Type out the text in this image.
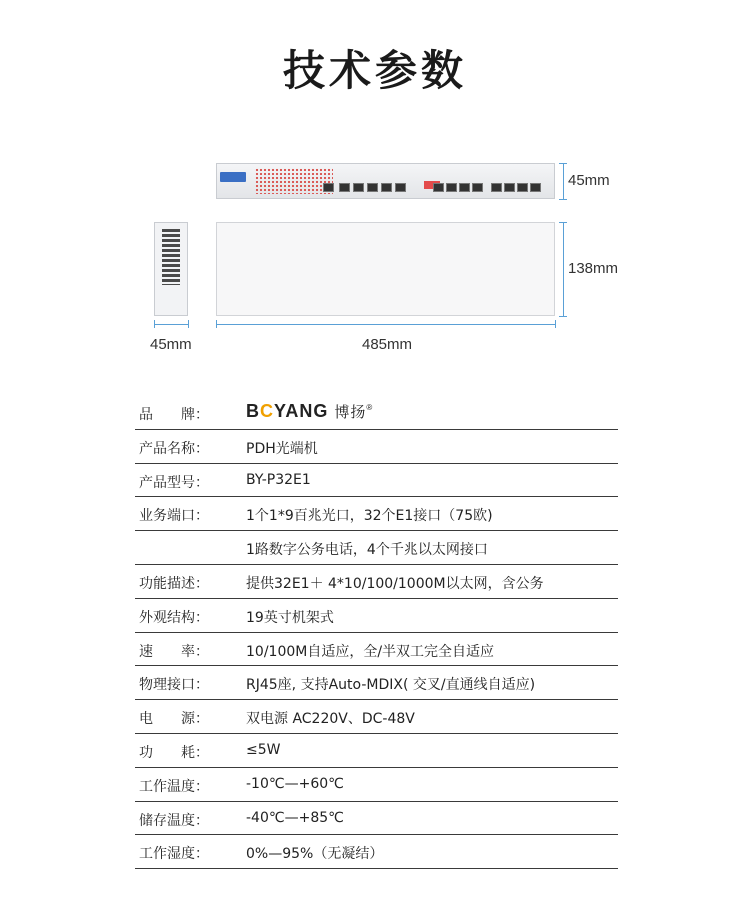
技术参数
45mm
138mm
45mm	485mm
品　　牌：	BCYANG 博扬®
产品名称：	PDH光端机
产品型号：	BY-P32E1
业务端口：	1个1*9百兆光口，32个E1接口（75欧)
1路数字公务电话，4个千兆以太网接口
功能描述：	提供32E1＋ 4*10/100/1000M以太网，含公务
外观结构：	19英寸机架式
速　　率：	10/100M自适应，全/半双工完全自适应
物理接口：	RJ45座, 支持Auto-MDIX( 交叉/直通线自适应)
电　　源：	双电源 AC220V、DC-48V
功　　耗：	≤5W
工作温度：	-10℃—+60℃
储存温度：	-40℃—+85℃
工作湿度：	0%—95%（无凝结）
